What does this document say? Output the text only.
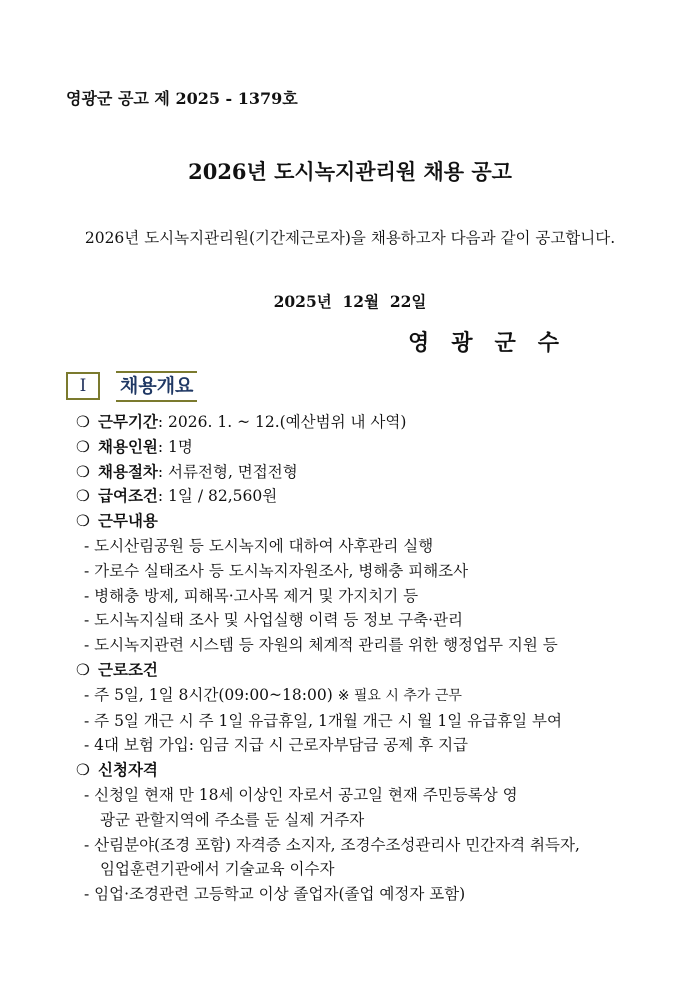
영광군 공고 제 2025 - 1379호
2026년 도시녹지관리원 채용 공고
2026년 도시녹지관리원(기간제근로자)을 채용하고자 다음과 같이 공고합니다.
2025년  12월  22일
영광군수
I	채용개요
❍ 근무기간: 2026. 1. ~ 12.(예산범위 내 사역)
❍ 채용인원: 1명
❍ 채용절차: 서류전형, 면접전형
❍ 급여조건: 1일 / 82,560원
❍ 근무내용
- 도시산림공원 등 도시녹지에 대하여 사후관리 실행
- 가로수 실태조사 등 도시녹지자원조사, 병해충 피해조사
- 병해충 방제, 피해목·고사목 제거 및 가지치기 등
- 도시녹지실태 조사 및 사업실행 이력 등 정보 구축·관리
- 도시녹지관련 시스템 등 자원의 체계적 관리를 위한 행정업무 지원 등
❍ 근로조건
- 주 5일, 1일 8시간(09:00~18:00) ※ 필요 시 추가 근무
- 주 5일 개근 시 주 1일 유급휴일, 1개월 개근 시 월 1일 유급휴일 부여
- 4대 보험 가입: 임금 지급 시 근로자부담금 공제 후 지급
❍ 신청자격
- 신청일 현재 만 18세 이상인 자로서 공고일 현재 주민등록상 영
광군 관할지역에 주소를 둔 실제 거주자
- 산림분야(조경 포함) 자격증 소지자, 조경수조성관리사 민간자격 취득자,
임업훈련기관에서 기술교육 이수자
- 임업·조경관련 고등학교 이상 졸업자(졸업 예정자 포함)
